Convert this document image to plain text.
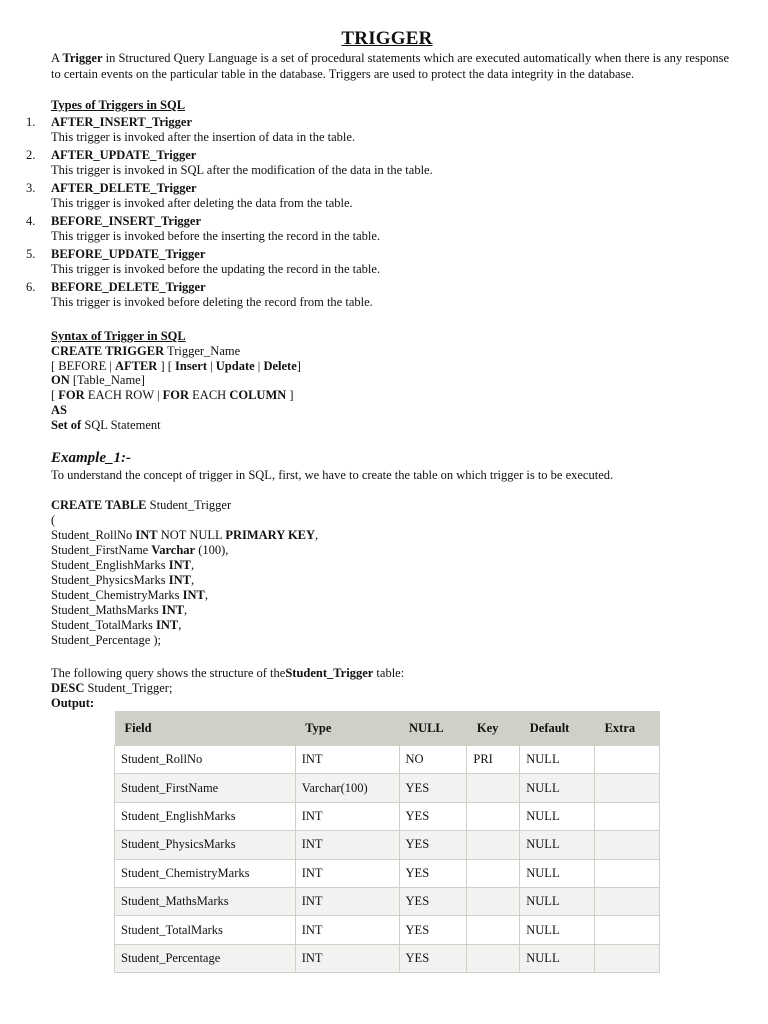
TRIGGER
A Trigger in Structured Query Language is a set of procedural statements which are executed automatically when there is any response to certain events on the particular table in the database. Triggers are used to protect the data integrity in the database.
Types of Triggers in SQL
1. AFTER_INSERT_Trigger
This trigger is invoked after the insertion of data in the table.
2. AFTER_UPDATE_Trigger
This trigger is invoked in SQL after the modification of the data in the table.
3. AFTER_DELETE_Trigger
This trigger is invoked after deleting the data from the table.
4. BEFORE_INSERT_Trigger
This trigger is invoked before the inserting the record in the table.
5. BEFORE_UPDATE_Trigger
This trigger is invoked before the updating the record in the table.
6. BEFORE_DELETE_Trigger
This trigger is invoked before deleting the record from the table.
Syntax of Trigger in SQL
CREATE TRIGGER Trigger_Name
[ BEFORE | AFTER ] [ Insert | Update | Delete]
ON [Table_Name]
[ FOR EACH ROW | FOR EACH COLUMN ]
AS
Set of SQL Statement
Example_1:-
To understand the concept of trigger in SQL, first, we have to create the table on which trigger is to be executed.
CREATE TABLE Student_Trigger
(
Student_RollNo INT NOT NULL PRIMARY KEY,
Student_FirstName Varchar (100),
Student_EnglishMarks INT,
Student_PhysicsMarks INT,
Student_ChemistryMarks INT,
Student_MathsMarks INT,
Student_TotalMarks INT,
Student_Percentage );
The following query shows the structure of theStudent_Trigger table:
DESC Student_Trigger;
Output:
Field	Type	NULL	Key	Default	Extra
Student_RollNo	INT	NO	PRI	NULL	
Student_FirstName	Varchar(100)	YES		NULL	
Student_EnglishMarks	INT	YES		NULL	
Student_PhysicsMarks	INT	YES		NULL	
Student_ChemistryMarks	INT	YES		NULL	
Student_MathsMarks	INT	YES		NULL	
Student_TotalMarks	INT	YES		NULL	
Student_Percentage	INT	YES		NULL	
